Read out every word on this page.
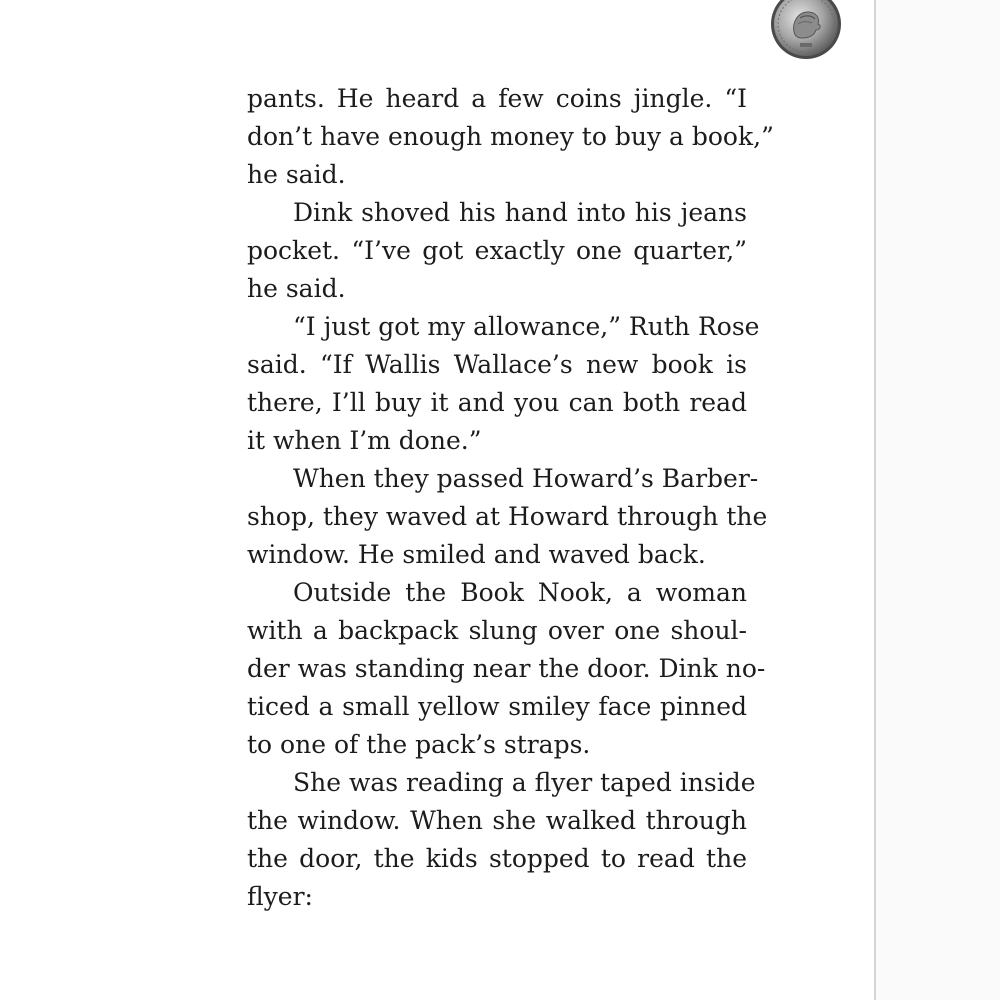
pants. He heard a few coins jingle. “I
don’t have enough money to buy a book,”
he said.
Dink shoved his hand into his jeans
pocket. “I’ve got exactly one quarter,”
he said.
“I just got my allowance,” Ruth Rose
said. “If Wallis Wallace’s new book is
there, I’ll buy it and you can both read
it when I’m done.”
When they passed Howard’s Barber-
shop, they waved at Howard through the
window. He smiled and waved back.
Outside the Book Nook, a woman
with a backpack slung over one shoul-
der was standing near the door. Dink no-
ticed a small yellow smiley face pinned
to one of the pack’s straps.
She was reading a flyer taped inside
the window. When she walked through
the door, the kids stopped to read the
flyer:
